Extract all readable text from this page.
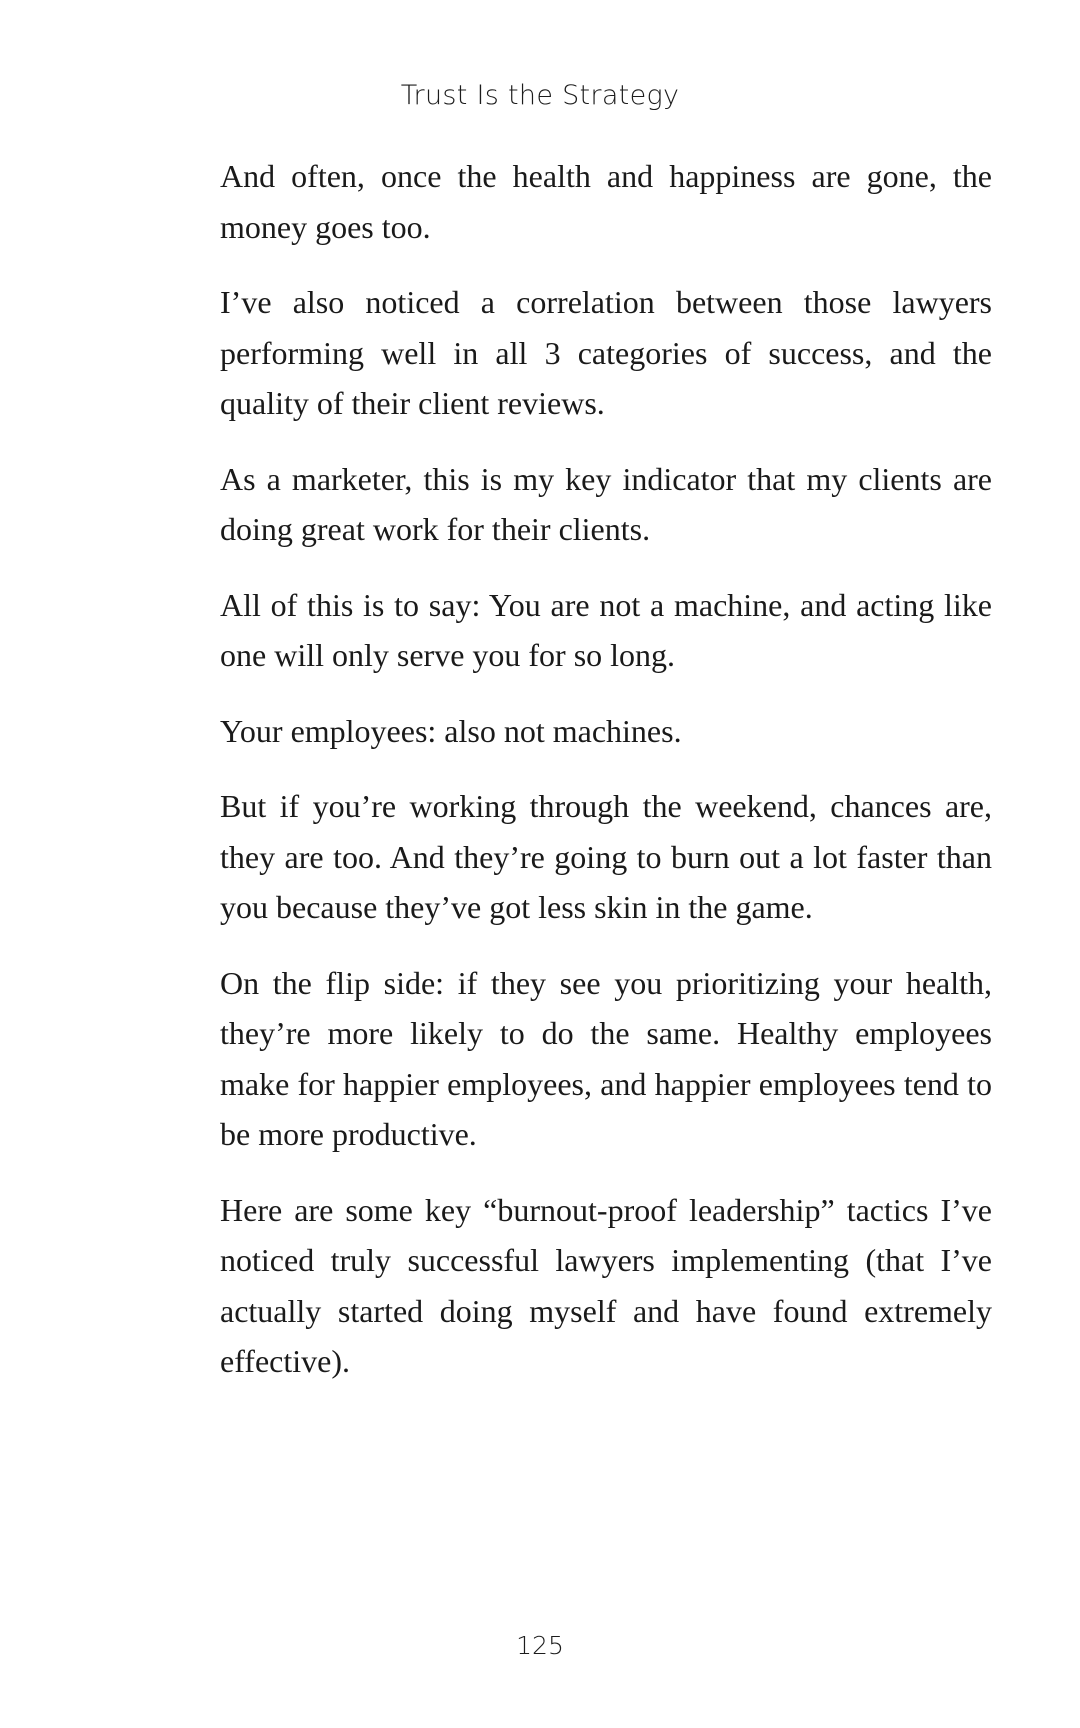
Trust Is the Strategy

And often, once the health and happiness are gone, the money goes too.

I’ve also noticed a correlation between those lawyers performing well in all 3 categories of success, and the quality of their client reviews.

As a marketer, this is my key indicator that my clients are doing great work for their clients.

All of this is to say: You are not a machine, and acting like one will only serve you for so long.

Your employees: also not machines.

But if you’re working through the weekend, chances are, they are too. And they’re going to burn out a lot faster than you because they’ve got less skin in the game.

On the flip side: if they see you prioritizing your health, they’re more likely to do the same. Healthy employees make for happier employees, and happier employees tend to be more productive.

Here are some key “burnout-proof leadership” tactics I’ve noticed truly successful lawyers implementing (that I’ve actually started doing myself and have found extremely effective).

125
